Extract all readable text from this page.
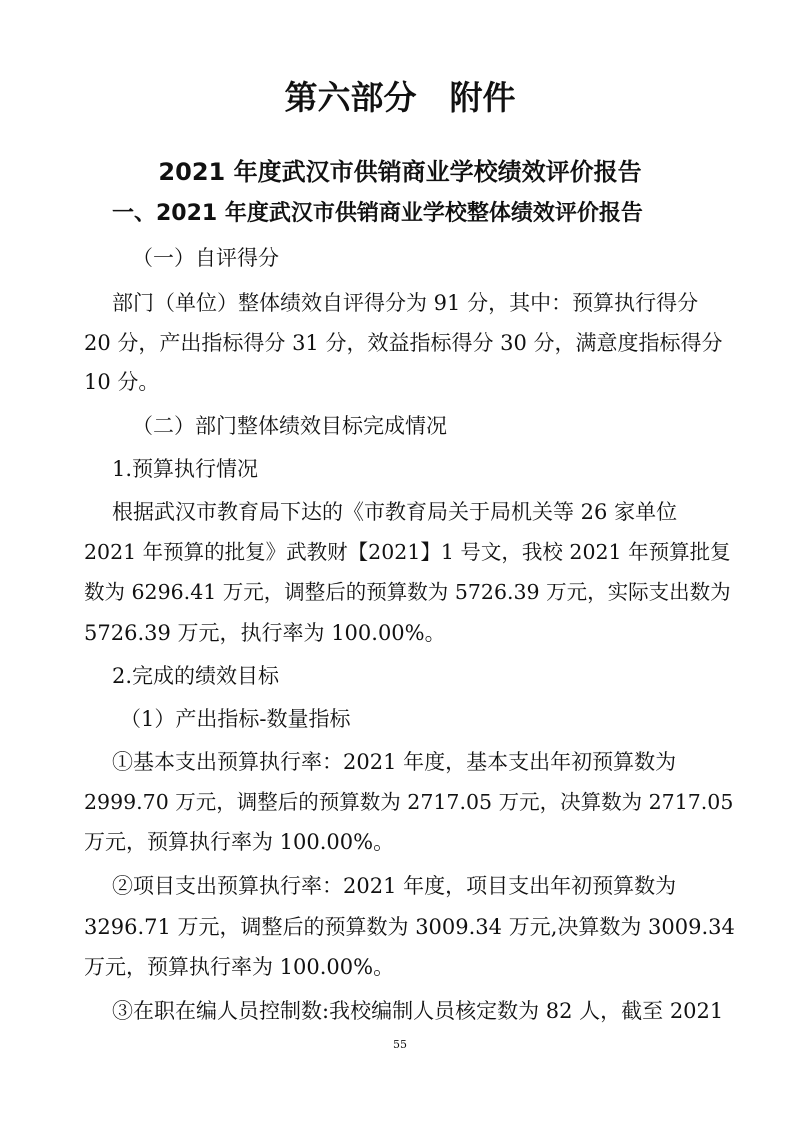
第六部分　附件
2021 年度武汉市供销商业学校绩效评价报告
一、2021 年度武汉市供销商业学校整体绩效评价报告

（一）自评得分

部门（单位）整体绩效自评得分为 91 分，其中：预算执行得分

20 分，产出指标得分 31 分，效益指标得分 30 分，满意度指标得分

10 分。

（二）部门整体绩效目标完成情况

1.预算执行情况

根据武汉市教育局下达的《市教育局关于局机关等 26 家单位

2021 年预算的批复》武教财【2021】1 号文，我校 2021 年预算批复

数为 6296.41 万元，调整后的预算数为 5726.39 万元，实际支出数为

5726.39 万元，执行率为 100.00%。

2.完成的绩效目标

（1）产出指标-数量指标

①基本支出预算执行率：2021 年度，基本支出年初预算数为

2999.70 万元，调整后的预算数为 2717.05 万元，决算数为 2717.05

万元，预算执行率为 100.00%。

②项目支出预算执行率：2021 年度，项目支出年初预算数为

3296.71 万元，调整后的预算数为 3009.34 万元,决算数为 3009.34

万元，预算执行率为 100.00%。

③在职在编人员控制数:我校编制人员核定数为 82 人，截至 2021

55
